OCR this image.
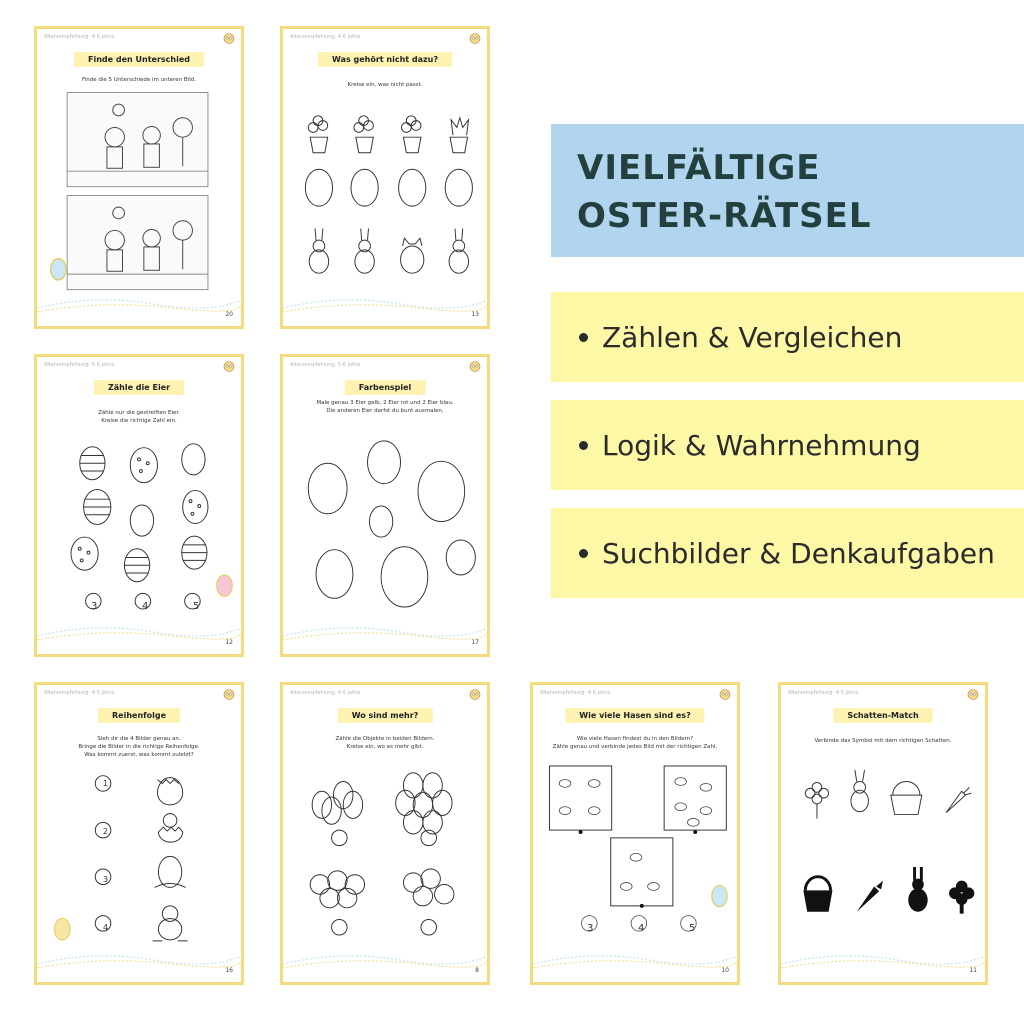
Altersempfehlung: 4-6 Jahre
Finde den Unterschied
Finde die 5 Unterschiede im unteren Bild.
20
Altersempfehlung: 4-6 Jahre
Was gehört nicht dazu?
Kreise ein, was nicht passt.
13
Altersempfehlung: 5-6 Jahre
Zähle die Eier
Zähle nur die gestreiften Eier.
Kreise die richtige Zahl ein.
3	4	5
12
Altersempfehlung: 5-6 Jahre
Farbenspiel
Male genau 3 Eier gelb, 2 Eier rot und 2 Eier blau.
Die anderen Eier darfst du bunt ausmalen.
17
Altersempfehlung: 4-5 Jahre
Reihenfolge
Sieh dir die 4 Bilder genau an.
Bringe die Bilder in die richtige Reihenfolge.
Was kommt zuerst, was kommt zuletzt?
1
2
3
4
16
Altersempfehlung: 4-5 Jahre
Wo sind mehr?
Zähle die Objekte in beiden Bildern.
Kreise ein, wo es mehr gibt.
8
Altersempfehlung: 4-6 Jahre
Wie viele Hasen sind es?
Wie viele Hasen findest du in den Bildern?
Zähle genau und verbinde jedes Bild mit der richtigen Zahl.
3	4	5
10
Altersempfehlung: 4-5 Jahre
Schatten-Match
Verbinde das Symbol mit dem richtigen Schatten.
11
VIELFÄLTIGE
OSTER-RÄTSEL
Zählen & Vergleichen
Logik & Wahrnehmung
Suchbilder & Denkaufgaben
